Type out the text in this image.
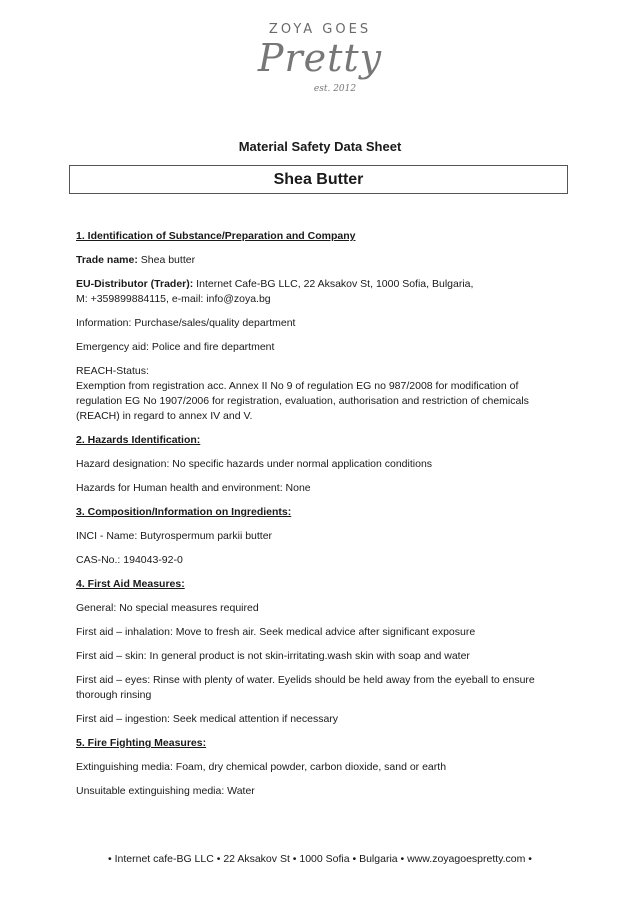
ZOYA GOES
Pretty
est. 2012
Material Safety Data Sheet
Shea Butter
1. Identification of Substance/Preparation and Company
Trade name: Shea butter
EU-Distributor (Trader): Internet Cafe-BG LLC, 22 Aksakov St, 1000 Sofia, Bulgaria,
M: +359899884115, e-mail: info@zoya.bg
Information: Purchase/sales/quality department
Emergency aid: Police and fire department
REACH-Status:
Exemption from registration acc. Annex II No 9 of regulation EG no 987/2008 for modification of regulation EG No 1907/2006 for registration, evaluation, authorisation and restriction of chemicals (REACH) in regard to annex IV and V.
2. Hazards Identification:
Hazard designation: No specific hazards under normal application conditions
Hazards for Human health and environment: None
3. Composition/Information on Ingredients:
INCI - Name: Butyrospermum parkii butter
CAS-No.: 194043-92-0
4. First Aid Measures:
General: No special measures required
First aid – inhalation: Move to fresh air. Seek medical advice after significant exposure
First aid – skin: In general product is not skin-irritating.wash skin with soap and water
First aid – eyes: Rinse with plenty of water. Eyelids should be held away from the eyeball to ensure thorough rinsing
First aid – ingestion: Seek medical attention if necessary
5. Fire Fighting Measures:
Extinguishing media: Foam, dry chemical powder, carbon dioxide, sand or earth
Unsuitable extinguishing media: Water
• Internet cafe-BG LLC • 22 Aksakov St • 1000 Sofia • Bulgaria • www.zoyagoespretty.com •
